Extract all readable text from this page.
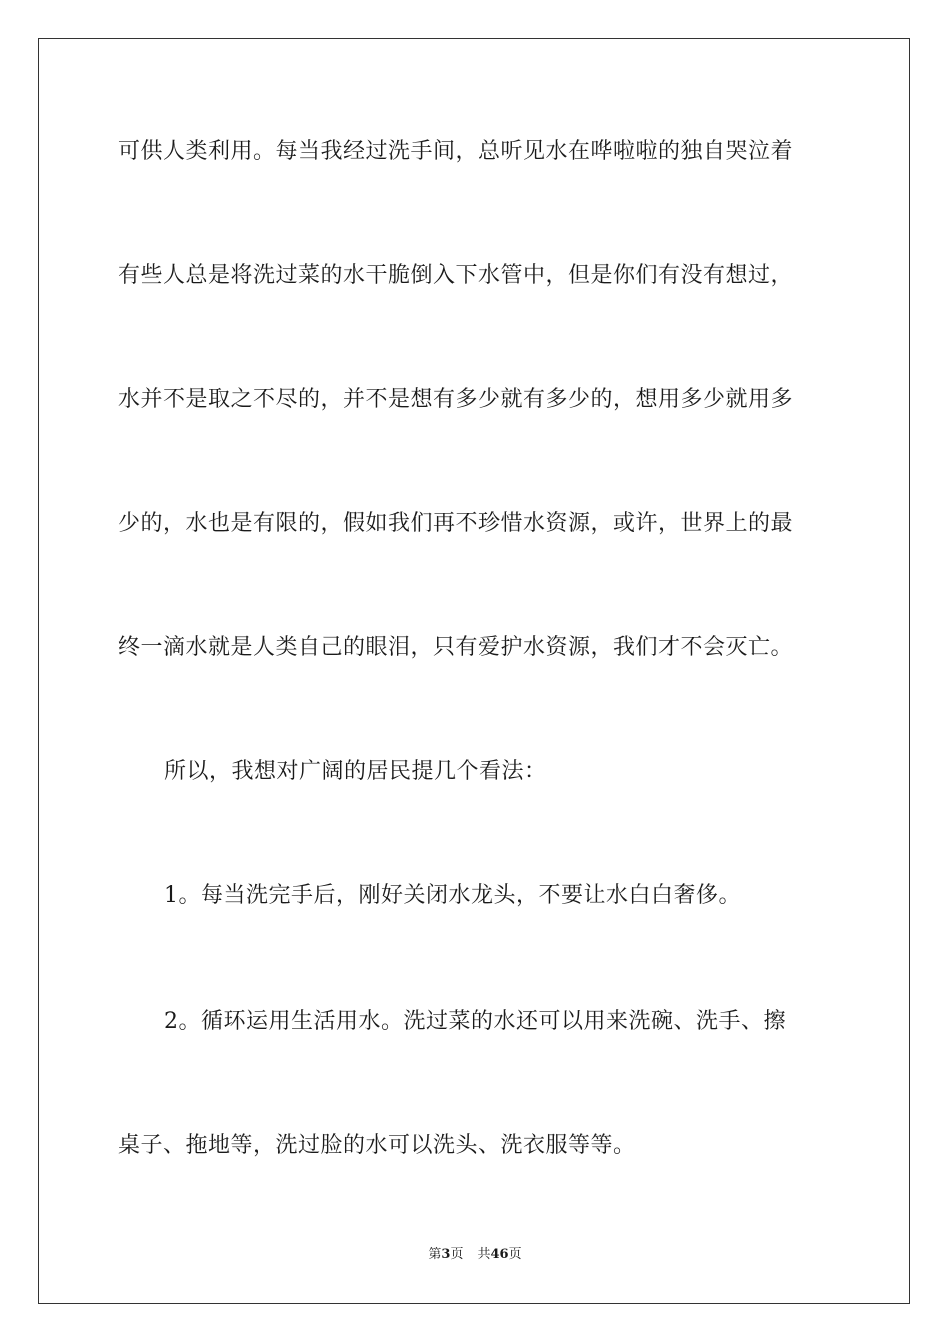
可供人类利用。每当我经过洗手间，总听见水在哗啦啦的独自哭泣着
有些人总是将洗过菜的水干脆倒入下水管中，但是你们有没有想过，
水并不是取之不尽的，并不是想有多少就有多少的，想用多少就用多
少的，水也是有限的，假如我们再不珍惜水资源，或许，世界上的最
终一滴水就是人类自己的眼泪，只有爱护水资源，我们才不会灭亡。
所以，我想对广阔的居民提几个看法：
1。每当洗完手后，刚好关闭水龙头，不要让水白白奢侈。
2。循环运用生活用水。洗过菜的水还可以用来洗碗、洗手、擦
桌子、拖地等，洗过脸的水可以洗头、洗衣服等等。
第3页 共46页
